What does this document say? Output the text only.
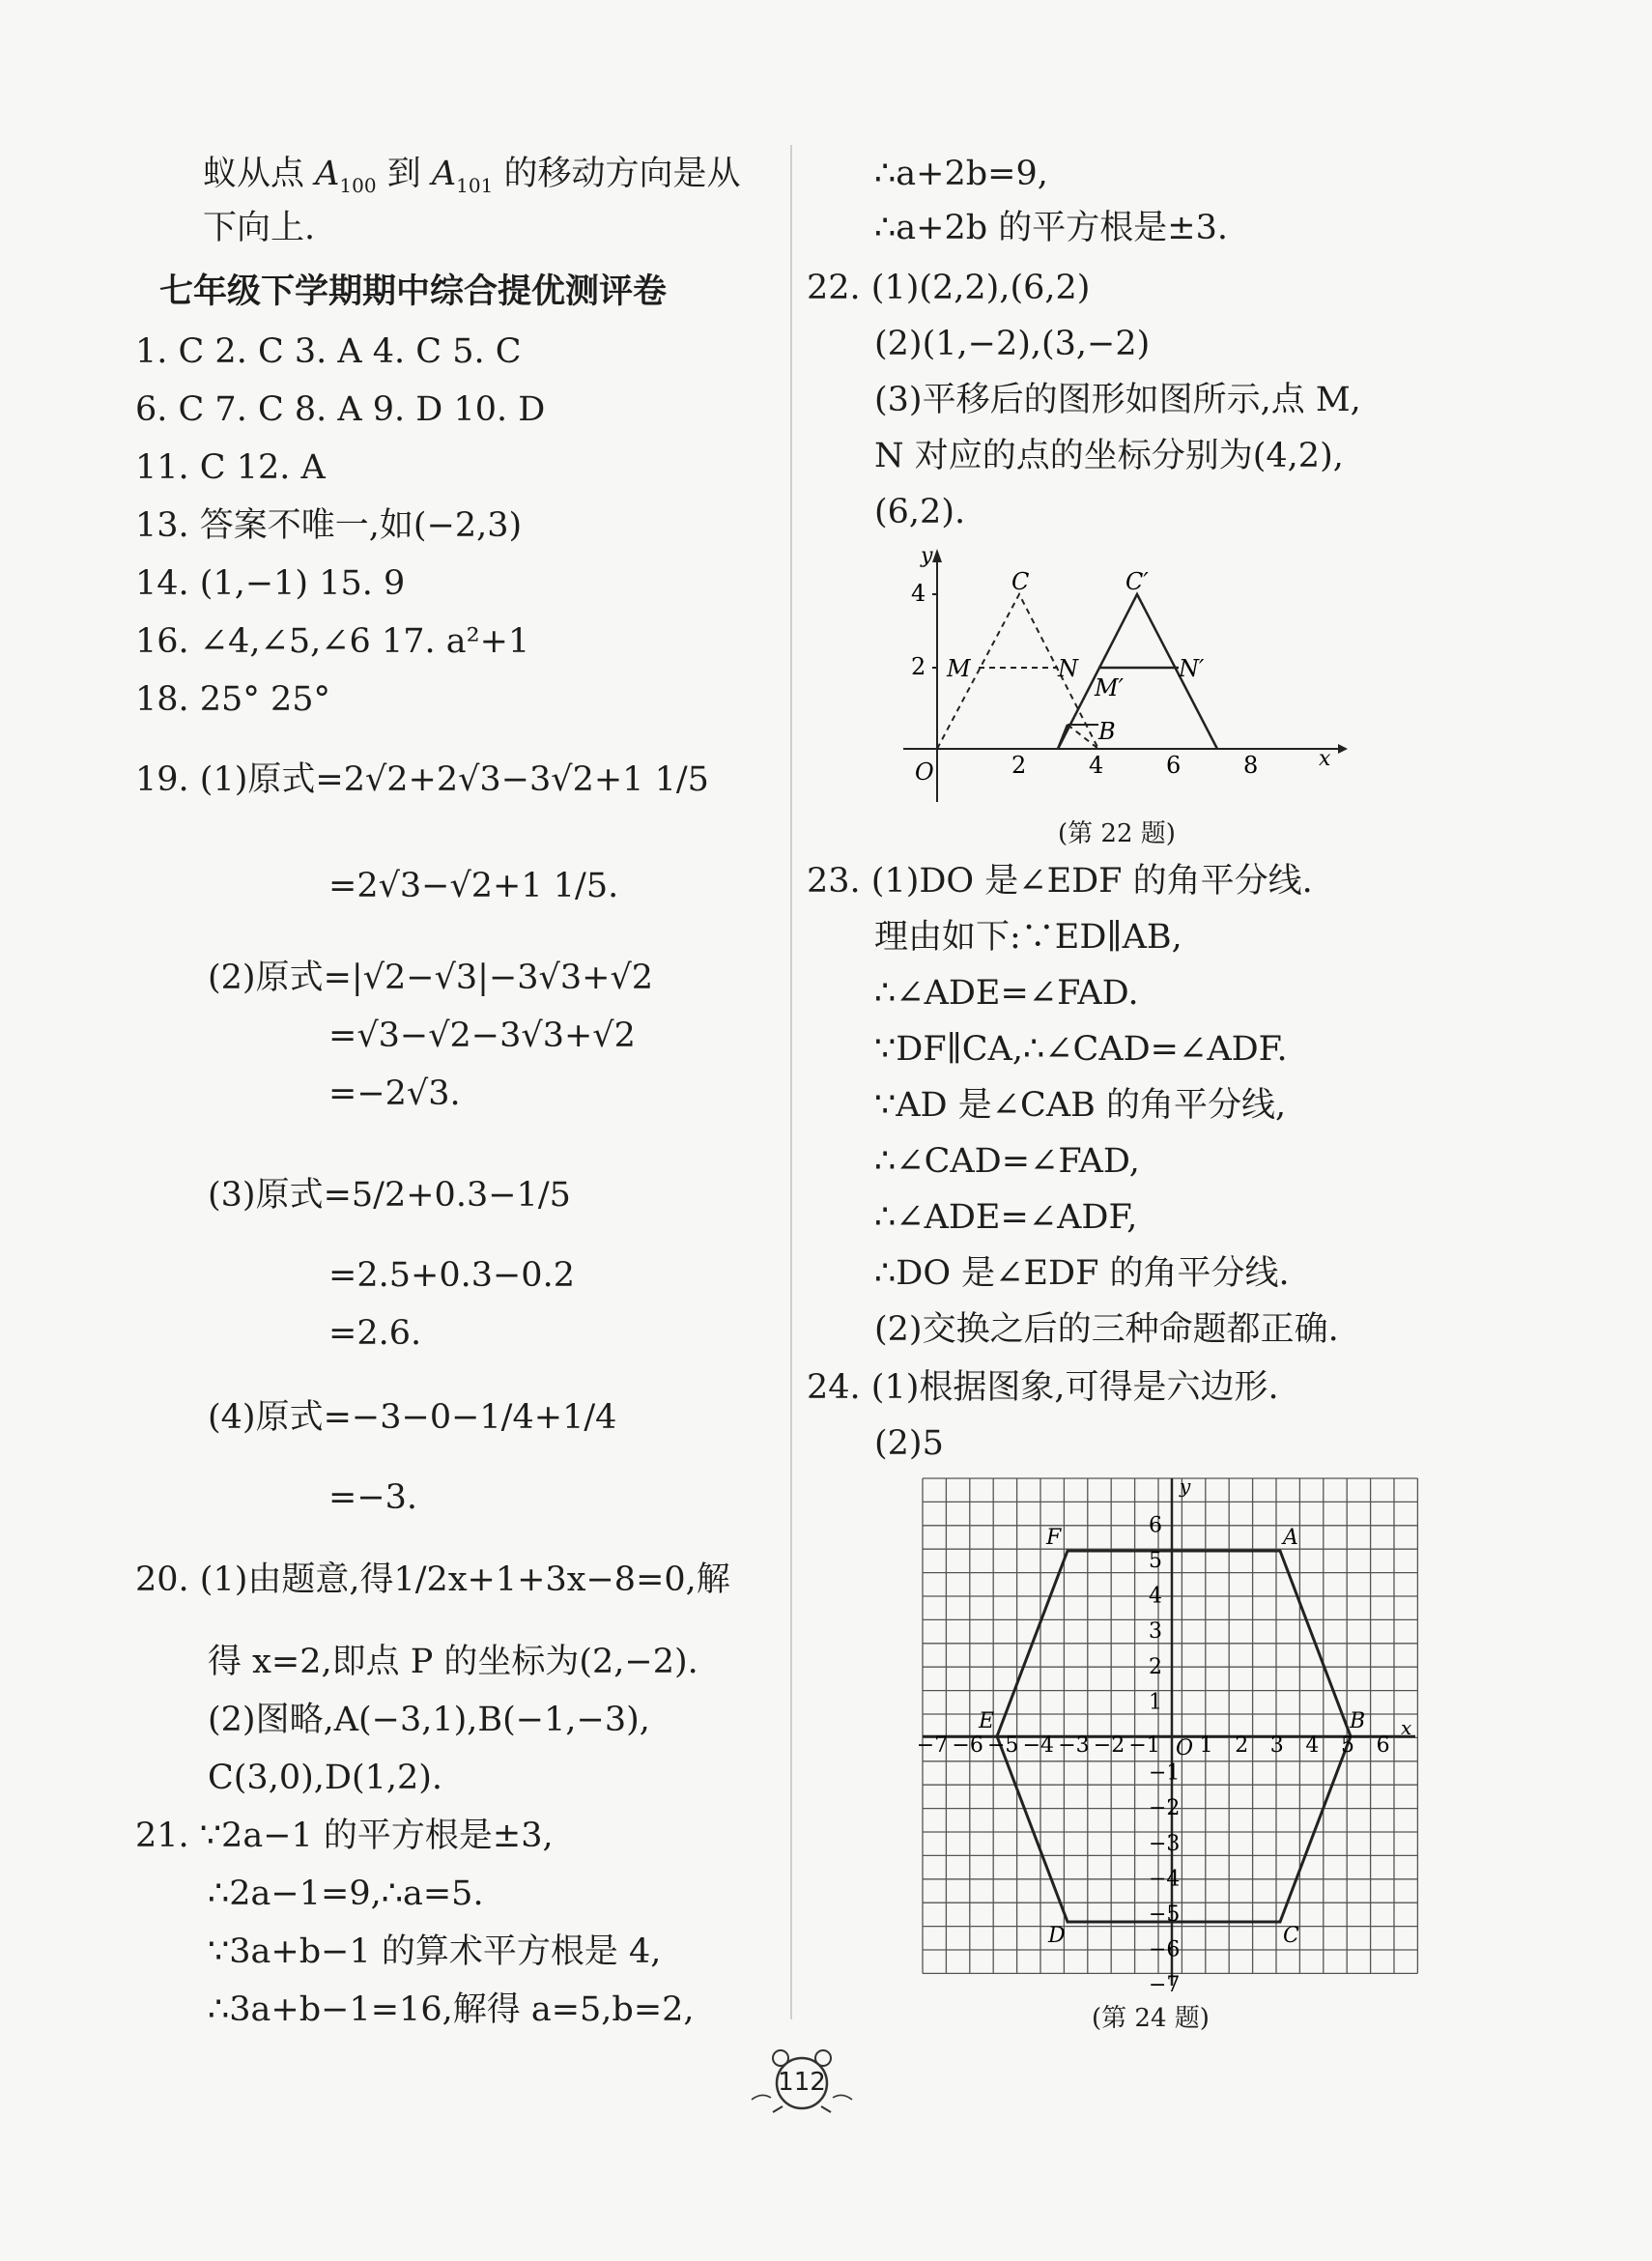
蚁从点 $A_{100}$ 到 $A_{101}$ 的移动方向是从
下向上.
七年级下学期期中综合提优测评卷
1. C 2. C 3. A 4. C 5. C
6. C 7. C 8. A 9. D 10. D
11. C 12. A
13. 答案不唯一,如(−2,3)
14. (1,−1) 15. 9
16. ∠4,∠5,∠6 17. a²+1
18. 25° 25°
19. (1)原式=2√2+2√3−3√2+1 1/5
=2√3−√2+1 1/5.
(2)原式=|√2−√3|−3√3+√2
=√3−√2−3√3+√2
=−2√3.
(3)原式=5/2+0.3−1/5
=2.5+0.3−0.2
=2.6.
(4)原式=−3−0−1/4+1/4
=−3.
20. (1)由题意,得1/2x+1+3x−8=0,解
得 x=2,即点 P 的坐标为(2,−2).
(2)图略,A(−3,1),B(−1,−3),
C(3,0),D(1,2).
21. ∵2a−1 的平方根是±3,
∴2a−1=9,∴a=5.
∵3a+b−1 的算术平方根是 4,
∴3a+b−1=16,解得 a=5,b=2,
∴a+2b=9,
∴a+2b 的平方根是±3.
22. (1)(2,2),(6,2)
(2)(1,−2),(3,−2)
(3)平移后的图形如图所示,点 M,
N 对应的点的坐标分别为(4,2),
(6,2).
y
x
O	2	4	6	8
2
4	C	C′
M	N
M′
N′
B
(第 22 题)
23. (1)DO 是∠EDF 的角平分线.
理由如下:∵ED∥AB,
∴∠ADE=∠FAD.
∵DF∥CA,∴∠CAD=∠ADF.
∵AD 是∠CAB 的角平分线,
∴∠CAD=∠FAD,
∴∠ADE=∠ADF,
∴DO 是∠EDF 的角平分线.
(2)交换之后的三种命题都正确.
24. (1)根据图象,可得是六边形.
(2)5
−7 −6 −5 −4 −3 −2 −1 1 2 3 4 5 6
6
5
4
3
2
1
−1
−2
−3
−4
−5
−6
−7
y
x
O
A
B
C
D
E
F
(第 24 题)
112
